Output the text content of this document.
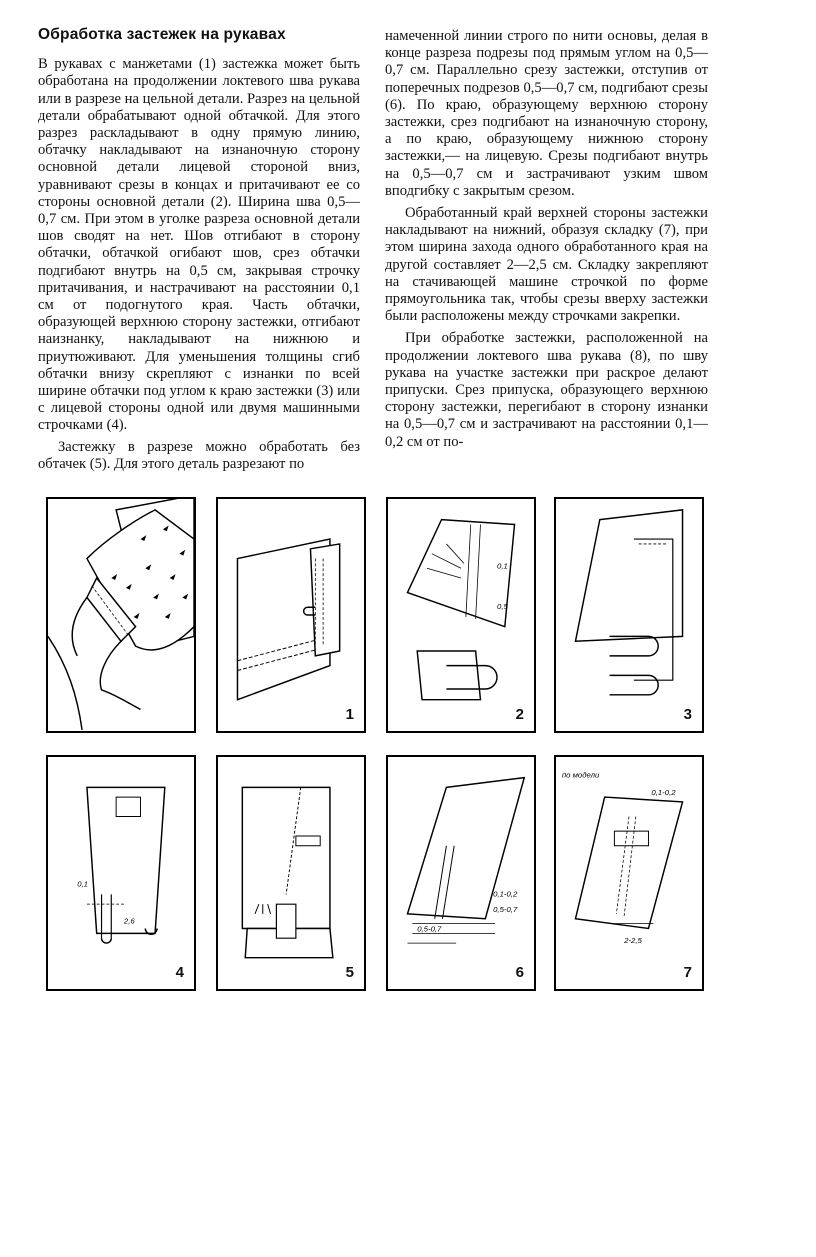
Обработка застежек на рукавах

В рукавах с манжетами (1) застежка может быть обработана на продолжении локтевого шва рукава или в разрезе на цельной детали. Разрез на цельной детали обрабатывают одной обтачкой. Для этого разрез раскладывают в одну прямую линию, обтачку накладывают на изнаночную сторону основной детали лицевой стороной вниз, уравнивают срезы в концах и притачивают ее со стороны основной детали (2). Ширина шва 0,5—0,7 см. При этом в уголке разреза основной детали шов сводят на нет. Шов отгибают в сторону обтачки, обтачкой огибают шов, срез обтачки подгибают внутрь на 0,5 см, закрывая строчку притачивания, и настрачивают на расстоянии 0,1 см от подогнутого края. Часть обтачки, образующей верхнюю сторону застежки, отгибают наизнанку, накладывают на нижнюю и приутюживают. Для уменьшения толщины сгиб обтачки внизу скрепляют с изнанки по всей ширине обтачки под углом к краю застежки (3) или с лицевой стороны одной или двумя машинными строчками (4).

Застежку в разрезе можно обработать без обтачек (5). Для этого деталь разрезают по

намеченной линии строго по нити основы, делая в конце разреза подрезы под прямым углом на 0,5—0,7 см. Параллельно срезу застежки, отступив от поперечных подрезов 0,5—0,7 см, подгибают срезы (6). По краю, образующему верхнюю сторону застежки, срез подгибают на изнаночную сторону, а по краю, образующему нижнюю сторону застежки,— на лицевую. Срезы подгибают внутрь на 0,5—0,7 см и застрачивают узким швом вподгибку с закрытым срезом.

Обработанный край верхней стороны застежки накладывают на нижний, образуя складку (7), при этом ширина захода одного обработанного края на другой составляет 2—2,5 см. Складку закрепляют на стачивающей машине строчкой по форме прямоугольника так, чтобы срезы вверху застежки были расположены между строчками закрепки.

При обработке застежки, расположенной на продолжении локтевого шва рукава (8), по шву рукава на участке застежки при раскрое делают припуски. Срез припуска, образующего верхнюю сторону застежки, перегибают в сторону изнанки на 0,5—0,7 см и застрачивают на расстоянии 0,1—0,2 см от по-

1
0,1
0,5
2	3
0,1
2,6
4	5
0,1-0,2
0,5-0,7
0,5-0,7
6
по модели
0,1-0,2
2-2,5
7
